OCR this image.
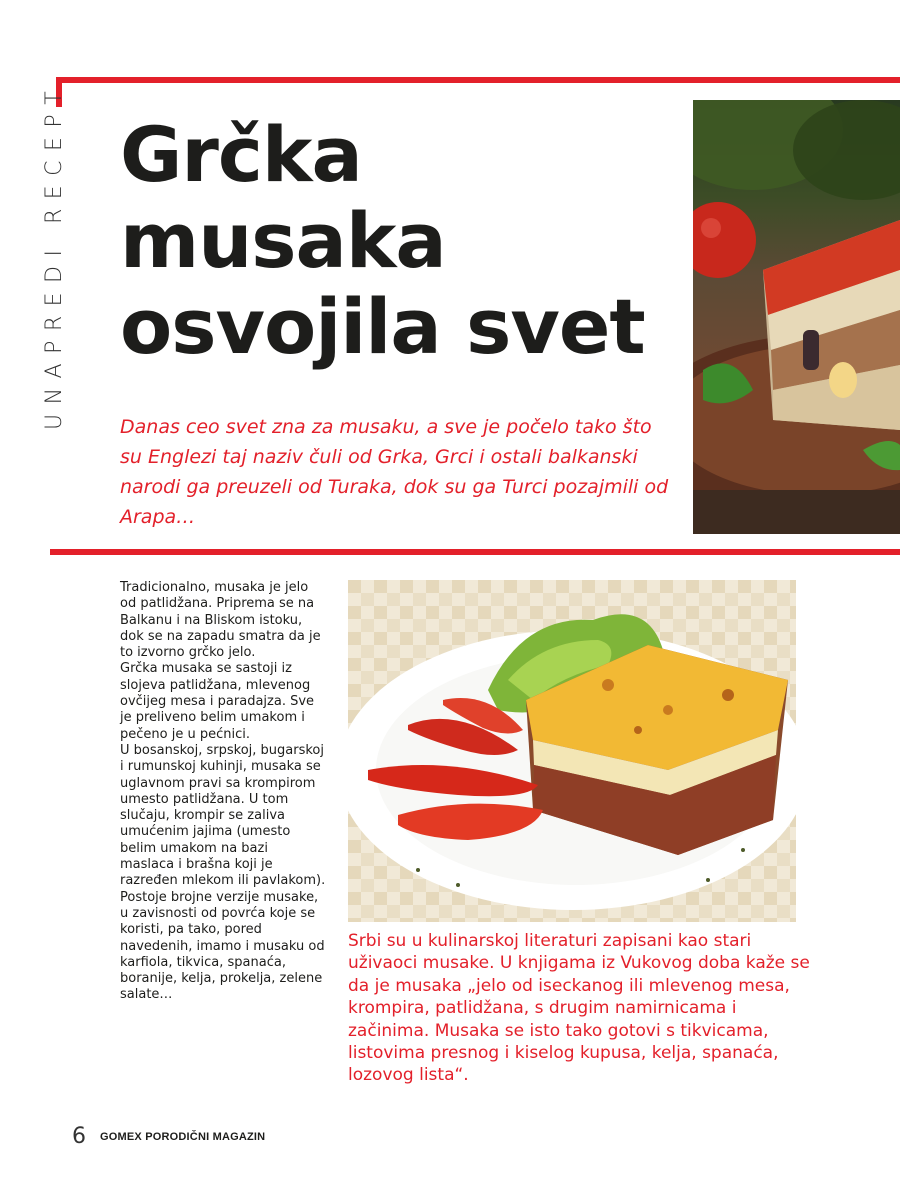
UNAPREDI RECEPT Grčka
musaka
osvojila svet
Danas ceo svet zna za musaku, a sve je počelo tako što su Englezi taj naziv čuli od Grka, Grci i ostali balkanski narodi ga preuzeli od Turaka, dok su ga Turci pozajmili od Arapa…

Tradicionalno, musaka je jelo od patlidžana. Priprema se na Balkanu i na Bliskom istoku, dok se na zapadu smatra da je to izvorno grčko jelo.

Grčka musaka se sastoji iz slojeva patlidžana, mlevenog ovčijeg mesa i paradajza. Sve je preliveno belim umakom i pečeno je u pećnici.

U bosanskoj, srpskoj, bugarskoj i rumunskoj kuhinji, musaka se uglavnom pravi sa krompirom umesto patlidžana. U tom slučaju, krompir se zaliva umućenim jajima (umesto belim umakom na bazi maslaca i brašna koji je razređen mlekom ili pavlakom). Postoje brojne verzije musake, u zavisnosti od povrća koje se koristi, pa tako, pored navedenih, imamo i musaku od karfiola, tikvica, spanaća, boranije, kelja, prokelja, zelene salate…

Srbi su u kulinarskoj literaturi zapisani kao stari uživaoci musake. U knjigama iz Vukovog doba kaže se da je musaka „jelo od iseckanog ili mlevenog mesa, krompira, patlidžana, s drugim namirnicama i začinima. Musaka se isto tako gotovi s tikvicama, listovima presnog i kiselog kupusa, kelja, spanaća, lozovog lista“.
6 GOMEX PORODIČNI MAGAZIN
